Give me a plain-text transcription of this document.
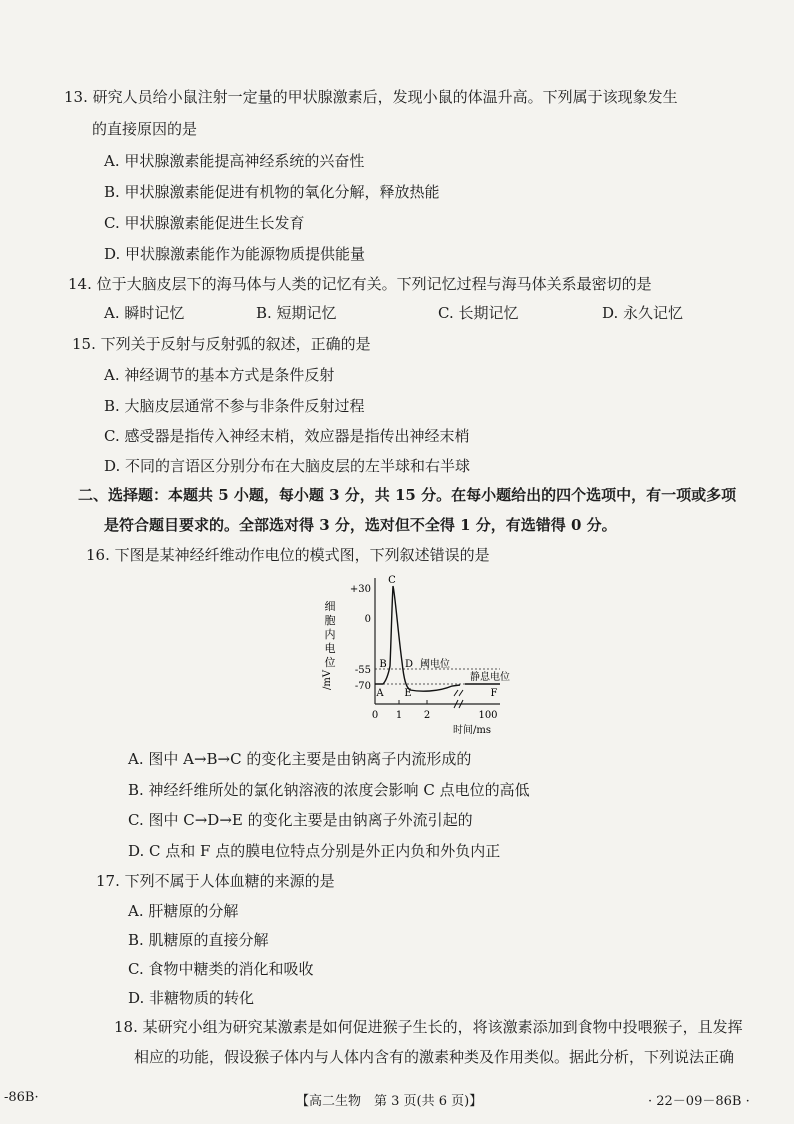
13. 研究人员给小鼠注射一定量的甲状腺激素后，发现小鼠的体温升高。下列属于该现象发生
的直接原因的是
A. 甲状腺激素能提高神经系统的兴奋性
B. 甲状腺激素能促进有机物的氧化分解，释放热能
C. 甲状腺激素能促进生长发育
D. 甲状腺激素能作为能源物质提供能量
14. 位于大脑皮层下的海马体与人类的记忆有关。下列记忆过程与海马体关系最密切的是
A. 瞬时记忆	B. 短期记忆	C. 长期记忆	D. 永久记忆
15. 下列关于反射与反射弧的叙述，正确的是
A. 神经调节的基本方式是条件反射
B. 大脑皮层通常不参与非条件反射过程
C. 感受器是指传入神经末梢，效应器是指传出神经末梢
D. 不同的言语区分别分布在大脑皮层的左半球和右半球
二、选择题：本题共 5 小题，每小题 3 分，共 15 分。在每小题给出的四个选项中，有一项或多项
是符合题目要求的。全部选对得 3 分，选对但不全得 1 分，有选错得 0 分。
16. 下图是某神经纤维动作电位的模式图，下列叙述错误的是
细
胞
内
电
位
/mV
+30
0
-55
-70
C
B
A
D
E	F
阈电位
静息电位
0 1 2	100
时间/ms
A. 图中 A→B→C 的变化主要是由钠离子内流形成的
B. 神经纤维所处的氯化钠溶液的浓度会影响 C 点电位的高低
C. 图中 C→D→E 的变化主要是由钠离子外流引起的
D. C 点和 F 点的膜电位特点分别是外正内负和外负内正
17. 下列不属于人体血糖的来源的是
A. 肝糖原的分解
B. 肌糖原的直接分解
C. 食物中糖类的消化和吸收
D. 非糖物质的转化
18. 某研究小组为研究某激素是如何促进猴子生长的，将该激素添加到食物中投喂猴子，且发挥
相应的功能，假设猴子体内与人体内含有的激素种类及作用类似。据此分析，下列说法正确
-86B·	【高二生物　第 3 页(共 6 页)】	· 22－09－86B ·
